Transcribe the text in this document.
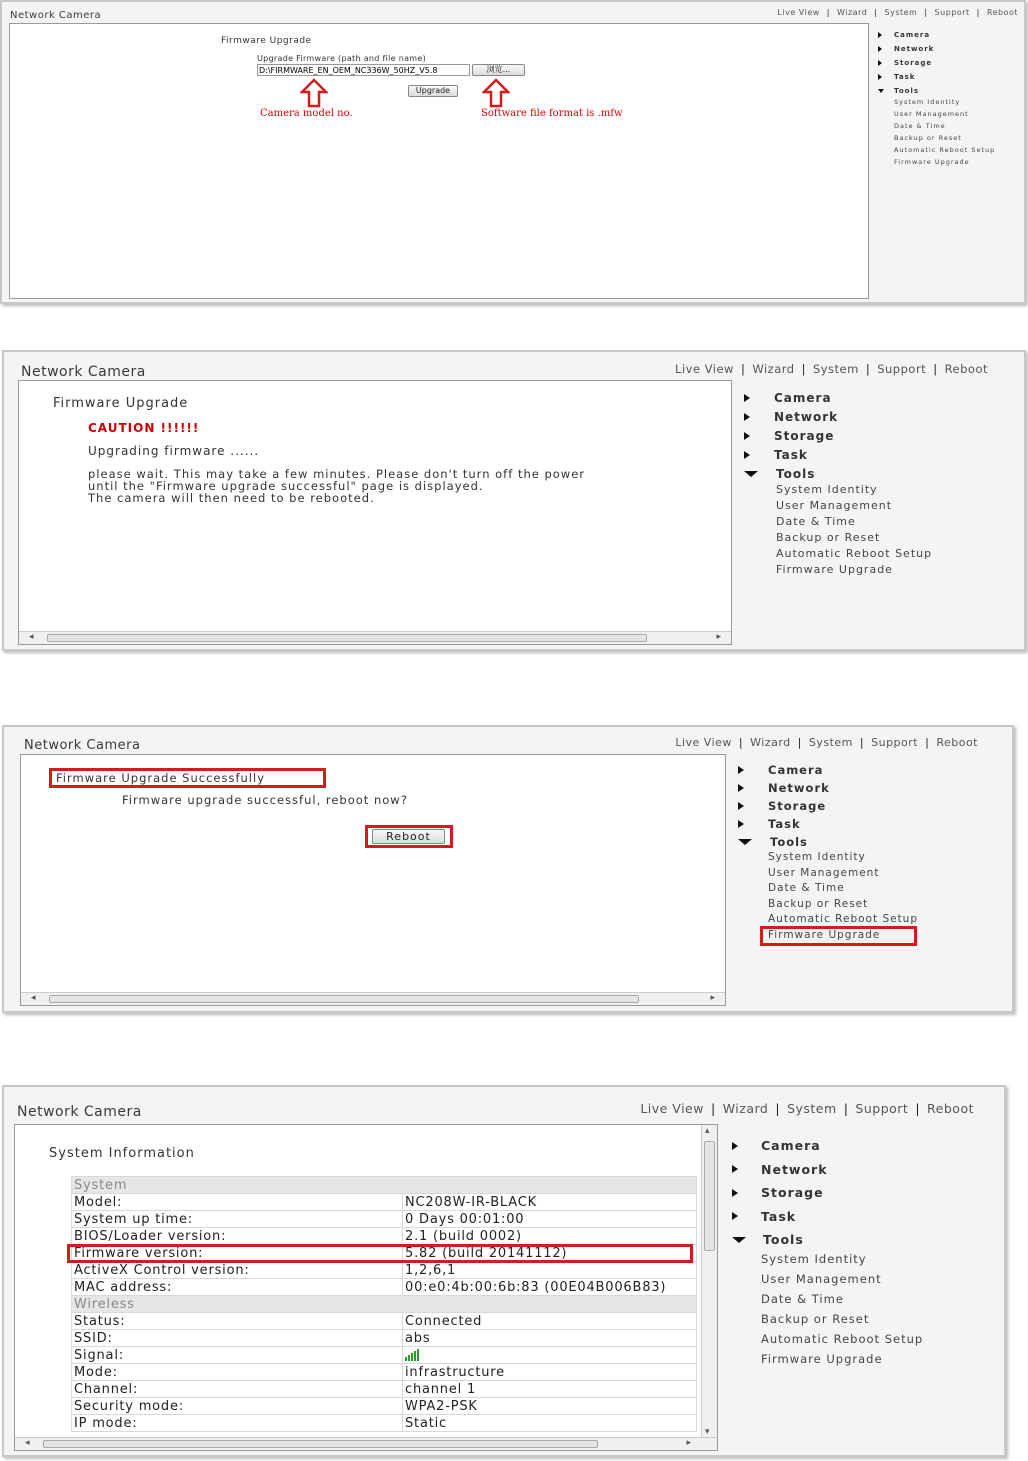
Network Camera	Live View | Wizard | System | Support | Reboot
Firmware Upgrade
Upgrade Firmware (path and file name)
D:\FIRMWARE_EN_OEM_NC336W_50HZ_V5.8
浏览...
Upgrade
Camera model no.	Software file format is .mfw
Camera
Network
Storage
Task
Tools
System Identity
User Management
Date & Time
Backup or Reset
Automatic Reboot Setup
Firmware Upgrade
Network Camera	Live View | Wizard | System | Support | Reboot
Firmware Upgrade
CAUTION !!!!!!
Upgrading firmware ......
please wait. This may take a few minutes. Please don't turn off the power
until the "Firmware upgrade successful" page is displayed.
The camera will then need to be rebooted.
◂	▸
Camera
Network
Storage
Task
Tools
System Identity
User Management
Date & Time
Backup or Reset
Automatic Reboot Setup
Firmware Upgrade
Network Camera	Live View | Wizard | System | Support | Reboot
Firmware Upgrade Successfully
Firmware upgrade successful, reboot now?
Reboot
◂	▸
Camera
Network
Storage
Task
Tools
System Identity
User Management
Date & Time
Backup or Reset
Automatic Reboot Setup
Firmware Upgrade
Network Camera	Live View | Wizard | System | Support | Reboot
System Information
System	
Model:	NC208W-IR-BLACK
System up time:	0 Days 00:01:00
BIOS/Loader version:	2.1 (build 0002)
Firmware version:	5.82 (build 20141112)
ActiveX Control version:	1,2,6,1
MAC address:	00:e0:4b:00:6b:83 (00E04B006B83)
Wireless	
Status:	Connected
SSID:	abs
Signal:	

Mode:	infrastructure
Channel:	channel 1
Security mode:	WPA2-PSK
IP mode:	Static
▴
▾
◂	▸
Camera
Network
Storage
Task
Tools
System Identity
User Management
Date & Time
Backup or Reset
Automatic Reboot Setup
Firmware Upgrade
